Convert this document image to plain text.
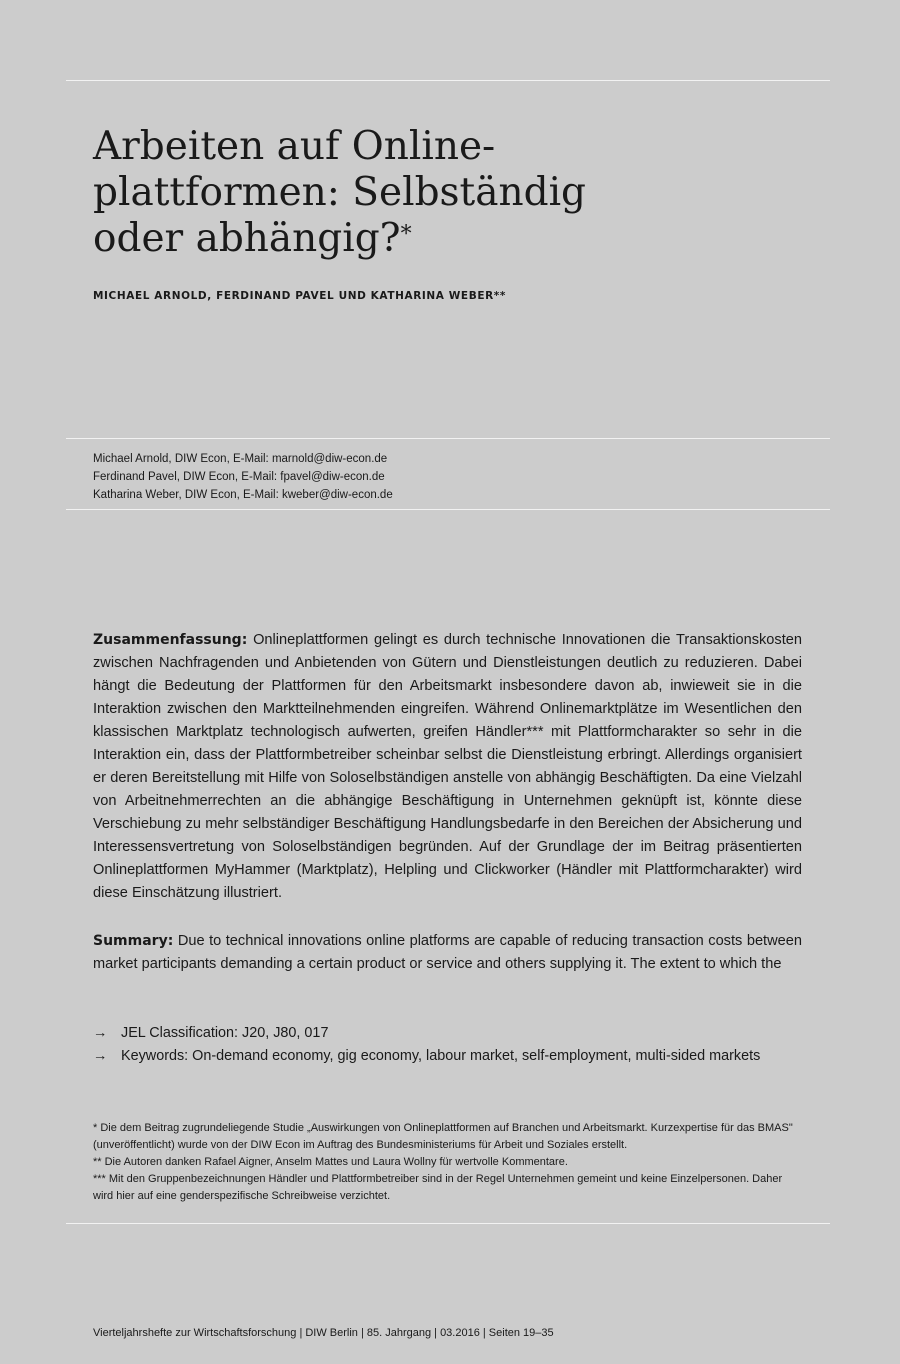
Arbeiten auf Online-
plattformen: Selbständig
oder abhängig?*

MICHAEL ARNOLD, FERDINAND PAVEL UND KATHARINA WEBER**

Michael Arnold, DIW Econ, E-Mail: marnold@diw-econ.de
Ferdinand Pavel, DIW Econ, E-Mail: fpavel@diw-econ.de
Katharina Weber, DIW Econ, E-Mail: kweber@diw-econ.de

Zusammenfassung: Onlineplattformen gelingt es durch technische Innovationen die Transaktionskosten zwischen Nachfragenden und Anbietenden von Gütern und Dienstleistungen deutlich zu reduzieren. Dabei hängt die Bedeutung der Plattformen für den Arbeitsmarkt insbesondere davon ab, inwieweit sie in die Interaktion zwischen den Marktteilnehmenden eingreifen. Während Onlinemarktplätze im Wesentlichen den klassischen Marktplatz technologisch aufwerten, greifen Händler*** mit Plattformcharakter so sehr in die Interaktion ein, dass der Plattformbetreiber scheinbar selbst die Dienstleistung erbringt. Allerdings organisiert er deren Bereitstellung mit Hilfe von Soloselbständigen anstelle von abhängig Beschäftigten. Da eine Vielzahl von Arbeitnehmerrechten an die abhängige Beschäftigung in Unternehmen geknüpft ist, könnte diese Verschiebung zu mehr selbständiger Beschäftigung Handlungsbedarfe in den Bereichen der Absicherung und Interessensvertretung von Soloselbständigen begründen. Auf der Grundlage der im Beitrag präsentierten Onlineplattformen MyHammer (Marktplatz), Helpling und Clickworker (Händler mit Plattformcharakter) wird diese Einschätzung illustriert.

Summary: Due to technical innovations online platforms are capable of reducing transaction costs between market participants demanding a certain product or service and others supplying it. The extent to which the

→ JEL Classification: J20, J80, 017
→ Keywords: On-demand economy, gig economy, labour market, self-employment, multi-sided markets
* Die dem Beitrag zugrundeliegende Studie „Auswirkungen von Onlineplattformen auf Branchen und Arbeitsmarkt. Kurzexpertise für das BMAS" (unveröffentlicht) wurde von der DIW Econ im Auftrag des Bundesministeriums für Arbeit und Soziales erstellt.
** Die Autoren danken Rafael Aigner, Anselm Mattes und Laura Wollny für wertvolle Kommentare.
*** Mit den Gruppenbezeichnungen Händler und Plattformbetreiber sind in der Regel Unternehmen gemeint und keine Einzelpersonen. Daher wird hier auf eine genderspezifische Schreibweise verzichtet.
Vierteljahrshefte zur Wirtschaftsforschung | DIW Berlin | 85. Jahrgang | 03.2016 | Seiten 19–35
